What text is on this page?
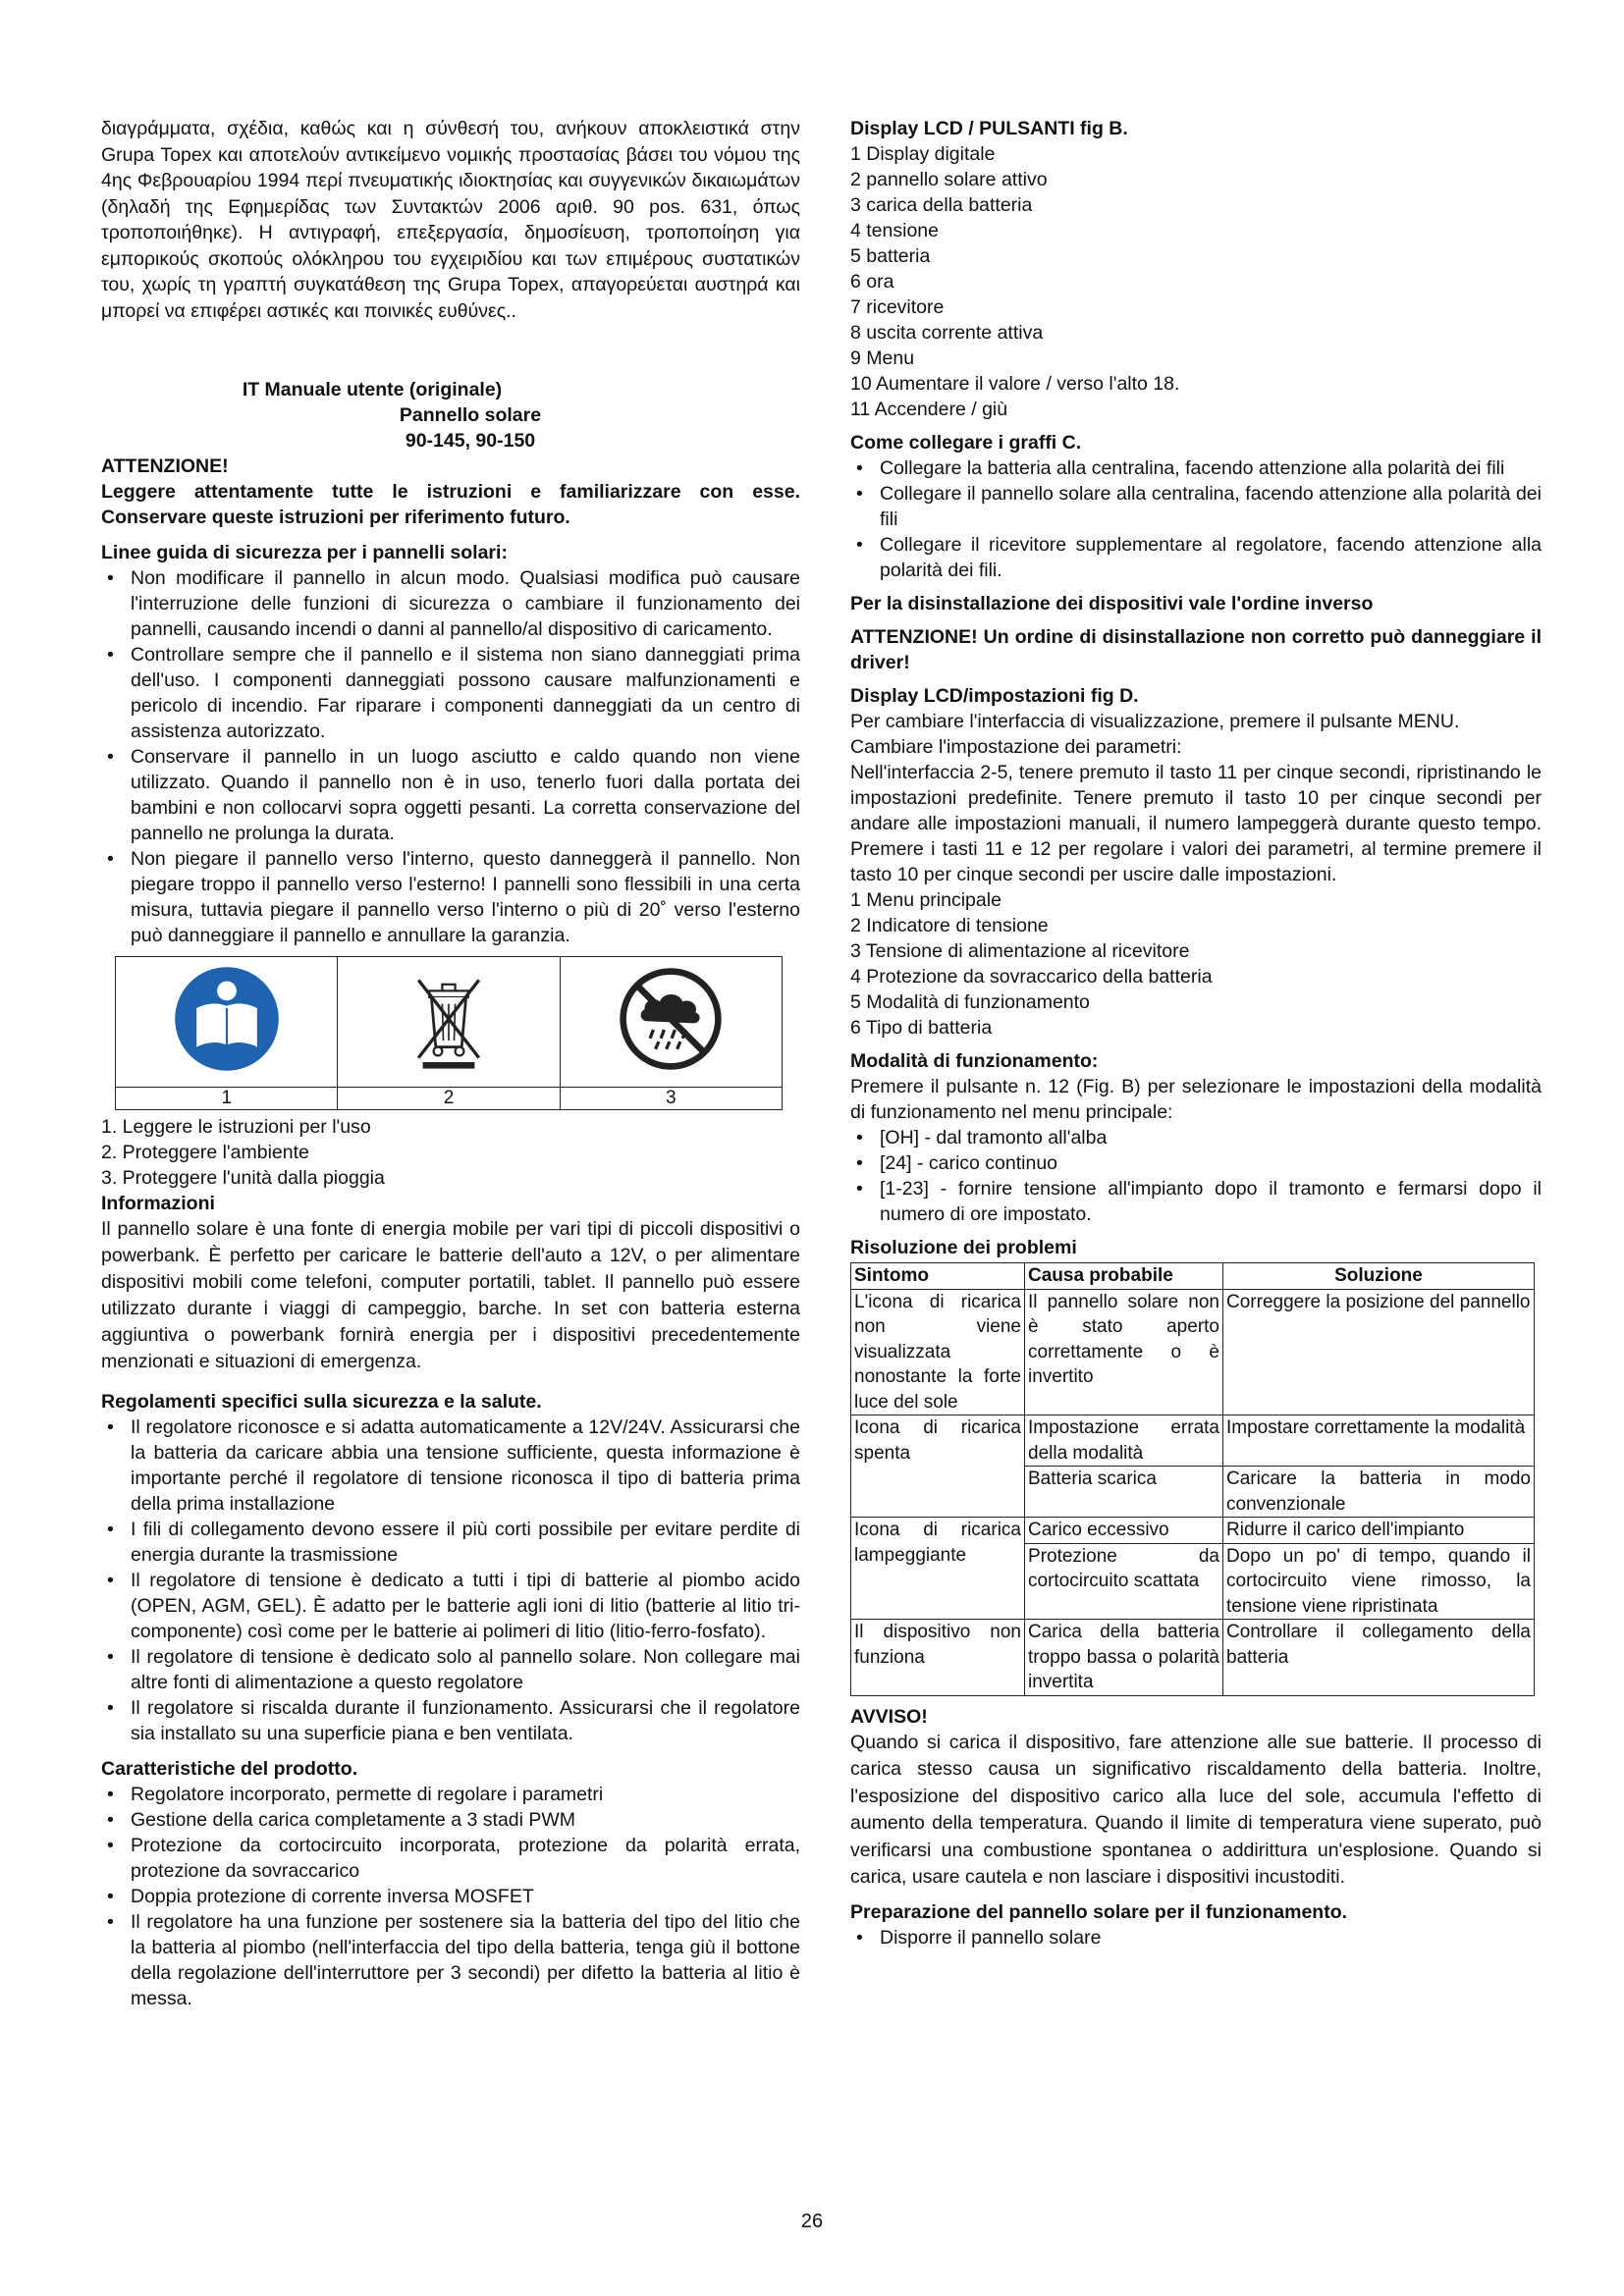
διαγράμματα, σχέδια, καθώς και η σύνθεσή του, ανήκουν αποκλειστικά στην Grupa Topex και αποτελούν αντικείμενο νομικής προστασίας βάσει του νόμου της 4ης Φεβρουαρίου 1994 περί πνευματικής ιδιοκτησίας και συγγενικών δικαιωμάτων (δηλαδή της Εφημερίδας των Συντακτών 2006 αριθ. 90 pos. 631, όπως τροποποιήθηκε). Η αντιγραφή, επεξεργασία, δημοσίευση, τροποποίηση για εμπορικούς σκοπούς ολόκληρου του εγχειριδίου και των επιμέρους συστατικών του, χωρίς τη γραπτή συγκατάθεση της Grupa Topex, απαγορεύεται αυστηρά και μπορεί να επιφέρει αστικές και ποινικές ευθύνες..

IT Manuale utente (originale)

Pannello solare

90-145, 90-150

ATTENZIONE!

Leggere attentamente tutte le istruzioni e familiarizzare con esse. Conservare queste istruzioni per riferimento futuro.

Linee guida di sicurezza per i pannelli solari:

• Non modificare il pannello in alcun modo. Qualsiasi modifica può causare l'interruzione delle funzioni di sicurezza o cambiare il funzionamento dei pannelli, causando incendi o danni al pannello/al dispositivo di caricamento.
• Controllare sempre che il pannello e il sistema non siano danneggiati prima dell'uso. I componenti danneggiati possono causare malfunzionamenti e pericolo di incendio. Far riparare i componenti danneggiati da un centro di assistenza autorizzato.
• Conservare il pannello in un luogo asciutto e caldo quando non viene utilizzato. Quando il pannello non è in uso, tenerlo fuori dalla portata dei bambini e non collocarvi sopra oggetti pesanti. La corretta conservazione del pannello ne prolunga la durata.
• Non piegare il pannello verso l'interno, questo danneggerà il pannello. Non piegare troppo il pannello verso l'esterno! I pannelli sono flessibili in una certa misura, tuttavia piegare il pannello verso l'interno o più di 20˚ verso l'esterno può danneggiare il pannello e annullare la garanzia.

1	2	3

1. Leggere le istruzioni per l'uso

2. Proteggere l'ambiente

3. Proteggere l'unità dalla pioggia

Informazioni

Il pannello solare è una fonte di energia mobile per vari tipi di piccoli dispositivi o powerbank. È perfetto per caricare le batterie dell'auto a 12V, o per alimentare dispositivi mobili come telefoni, computer portatili, tablet. Il pannello può essere utilizzato durante i viaggi di campeggio, barche. In set con batteria esterna aggiuntiva o powerbank fornirà energia per i dispositivi precedentemente menzionati e situazioni di emergenza.

Regolamenti specifici sulla sicurezza e la salute.

• Il regolatore riconosce e si adatta automaticamente a 12V/24V. Assicurarsi che la batteria da caricare abbia una tensione sufficiente, questa informazione è importante perché il regolatore di tensione riconosca il tipo di batteria prima della prima installazione
• I fili di collegamento devono essere il più corti possibile per evitare perdite di energia durante la trasmissione
• Il regolatore di tensione è dedicato a tutti i tipi di batterie al piombo acido (OPEN, AGM, GEL). È adatto per le batterie agli ioni di litio (batterie al litio tri-componente) così come per le batterie ai polimeri di litio (litio-ferro-fosfato).
• Il regolatore di tensione è dedicato solo al pannello solare. Non collegare mai altre fonti di alimentazione a questo regolatore
• Il regolatore si riscalda durante il funzionamento. Assicurarsi che il regolatore sia installato su una superficie piana e ben ventilata.

Caratteristiche del prodotto.

• Regolatore incorporato, permette di regolare i parametri
• Gestione della carica completamente a 3 stadi PWM
• Protezione da cortocircuito incorporata, protezione da polarità errata, protezione da sovraccarico
• Doppia protezione di corrente inversa MOSFET
• Il regolatore ha una funzione per sostenere sia la batteria del tipo del litio che la batteria al piombo (nell'interfaccia del tipo della batteria, tenga giù il bottone della regolazione dell'interruttore per 3 secondi) per difetto la batteria al litio è messa.

Display LCD / PULSANTI fig B.

1 Display digitale

2 pannello solare attivo

3 carica della batteria

4 tensione

5 batteria

6 ora

7 ricevitore

8 uscita corrente attiva

9 Menu

10 Aumentare il valore / verso l'alto 18.

11 Accendere / giù

Come collegare i graffi C.

• Collegare la batteria alla centralina, facendo attenzione alla polarità dei fili
• Collegare il pannello solare alla centralina, facendo attenzione alla polarità dei fili
• Collegare il ricevitore supplementare al regolatore, facendo attenzione alla polarità dei fili.

Per la disinstallazione dei dispositivi vale l'ordine inverso

ATTENZIONE! Un ordine di disinstallazione non corretto può danneggiare il driver!

Display LCD/impostazioni fig D.

Per cambiare l'interfaccia di visualizzazione, premere il pulsante MENU.

Cambiare l'impostazione dei parametri:

Nell'interfaccia 2-5, tenere premuto il tasto 11 per cinque secondi, ripristinando le impostazioni predefinite. Tenere premuto il tasto 10 per cinque secondi per andare alle impostazioni manuali, il numero lampeggerà durante questo tempo. Premere i tasti 11 e 12 per regolare i valori dei parametri, al termine premere il tasto 10 per cinque secondi per uscire dalle impostazioni.

1 Menu principale

2 Indicatore di tensione

3 Tensione di alimentazione al ricevitore

4 Protezione da sovraccarico della batteria

5 Modalità di funzionamento

6 Tipo di batteria

Modalità di funzionamento:

Premere il pulsante n. 12 (Fig. B) per selezionare le impostazioni della modalità di funzionamento nel menu principale:

• [OH] - dal tramonto all'alba
• [24] - carico continuo
• [1-23] - fornire tensione all'impianto dopo il tramonto e fermarsi dopo il numero di ore impostato.

Risoluzione dei problemi

Sintomo	Causa probabile	Soluzione
L'icona di ricarica non viene visualizzata nonostante la forte luce del sole	Il pannello solare non è stato aperto correttamente o è invertito	Correggere la posizione del pannello
Icona di ricarica spenta	Impostazione errata della modalità	Impostare correttamente la modalità
	Batteria scarica	Caricare la batteria in modo convenzionale
Icona di ricarica lampeggiante	Carico eccessivo	Ridurre il carico dell'impianto
	Protezione da cortocircuito scattata	Dopo un po' di tempo, quando il cortocircuito viene rimosso, la tensione viene ripristinata
Il dispositivo non funziona	Carica della batteria troppo bassa o polarità invertita	Controllare il collegamento della batteria

AVVISO!

Quando si carica il dispositivo, fare attenzione alle sue batterie. Il processo di carica stesso causa un significativo riscaldamento della batteria. Inoltre, l'esposizione del dispositivo carico alla luce del sole, accumula l'effetto di aumento della temperatura. Quando il limite di temperatura viene superato, può verificarsi una combustione spontanea o addirittura un'esplosione. Quando si carica, usare cautela e non lasciare i dispositivi incustoditi.

Preparazione del pannello solare per il funzionamento.

• Disporre il pannello solare
26
